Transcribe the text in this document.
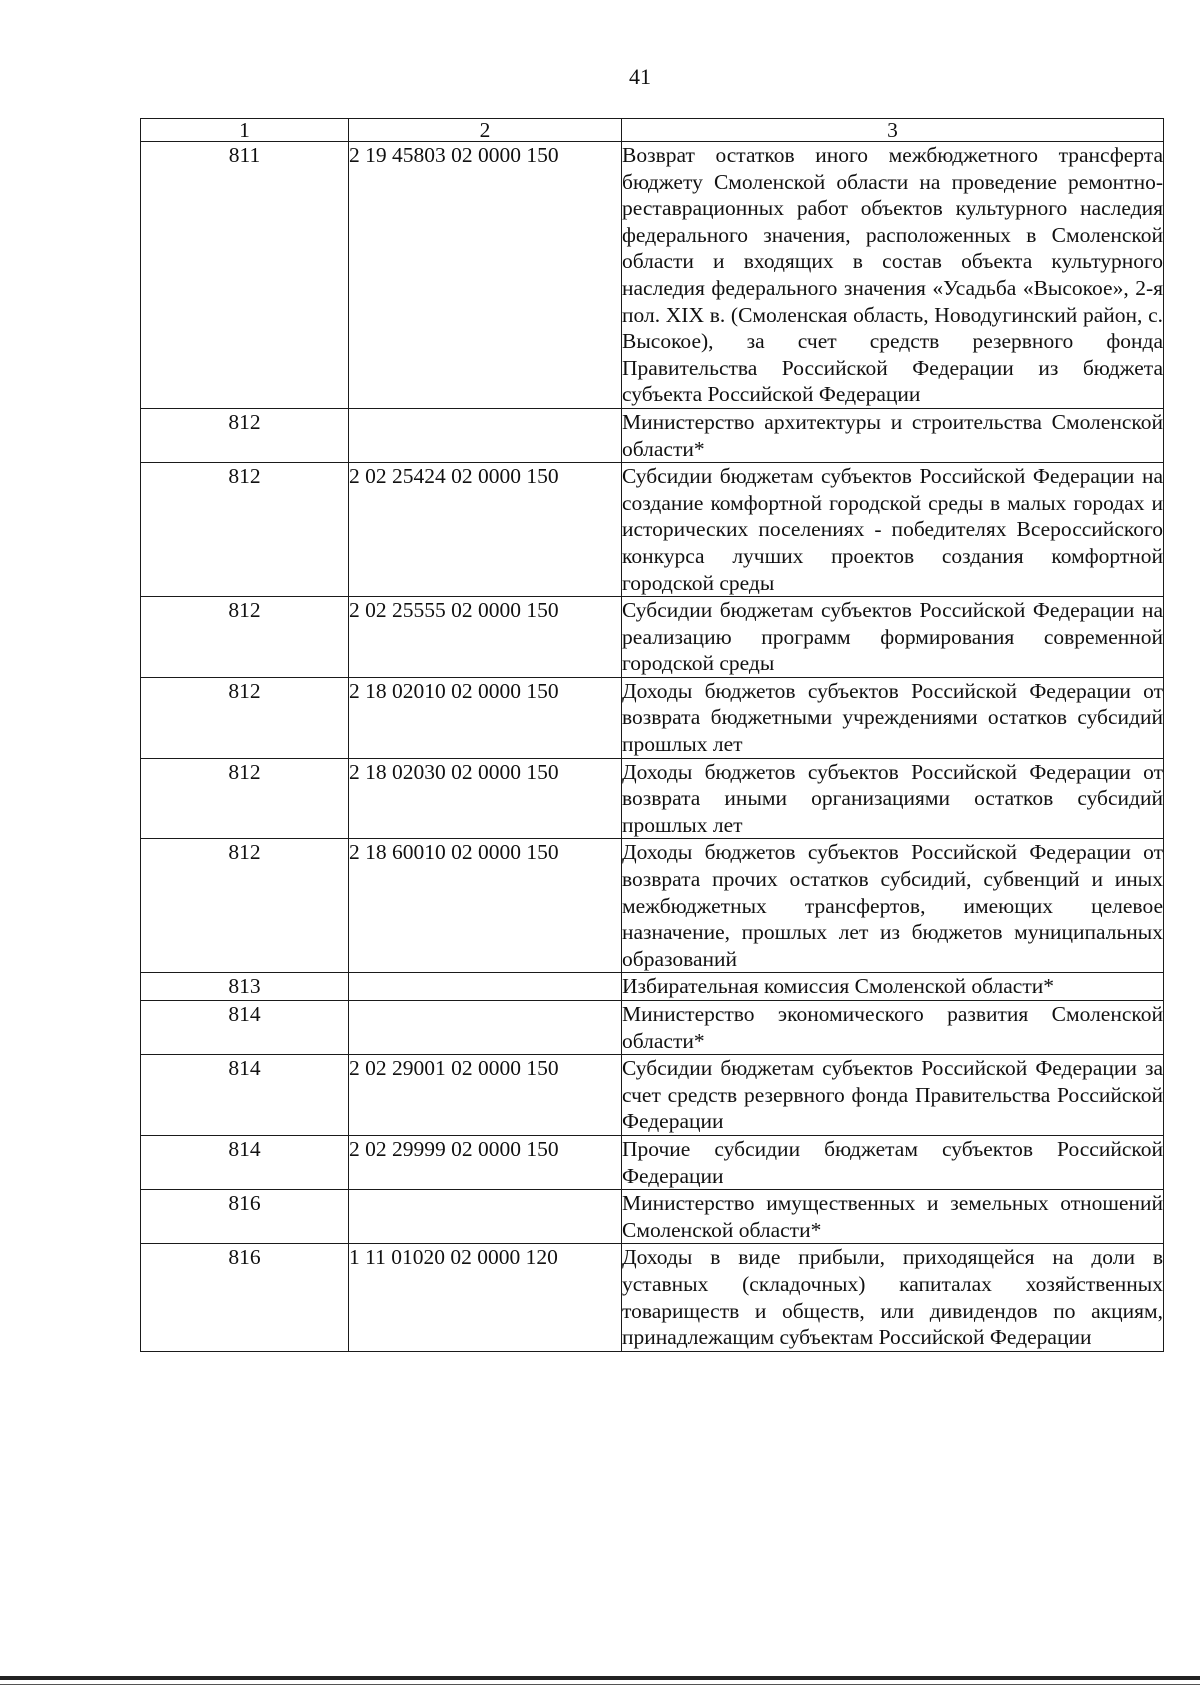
41
1	2	3
811	2 19 45803 02 0000 150	Возврат остатков иного межбюджетного трансферта бюджету Смоленской области на проведение ремонтно-реставрационных работ объектов культурного наследия федерального значения, расположенных в Смоленской области и входящих в состав объекта культурного наследия федерального значения «Усадьба «Высокое», 2-я пол. XIX в. (Смоленская область, Новодугинский район, с. Высокое), за счет средств резервного фонда Правительства Российской Федерации из бюджета субъекта Российской Федерации
812		Министерство архитектуры и строительства Смоленской области*
812	2 02 25424 02 0000 150	Субсидии бюджетам субъектов Российской Федерации на создание комфортной городской среды в малых городах и исторических поселениях - победителях Всероссийского конкурса лучших проектов создания комфортной городской среды
812	2 02 25555 02 0000 150	Субсидии бюджетам субъектов Российской Федерации на реализацию программ формирования современной городской среды
812	2 18 02010 02 0000 150	Доходы бюджетов субъектов Российской Федерации от возврата бюджетными учреждениями остатков субсидий прошлых лет
812	2 18 02030 02 0000 150	Доходы бюджетов субъектов Российской Федерации от возврата иными организациями остатков субсидий прошлых лет
812	2 18 60010 02 0000 150	Доходы бюджетов субъектов Российской Федерации от возврата прочих остатков субсидий, субвенций и иных межбюджетных трансфертов, имеющих целевое назначение, прошлых лет из бюджетов муниципальных образований
813		Избирательная комиссия Смоленской области*
814		Министерство экономического развития Смоленской области*
814	2 02 29001 02 0000 150	Субсидии бюджетам субъектов Российской Федерации за счет средств резервного фонда Правительства Российской Федерации
814	2 02 29999 02 0000 150	Прочие субсидии бюджетам субъектов Российской Федерации
816		Министерство имущественных и земельных отношений Смоленской области*
816	1 11 01020 02 0000 120	Доходы в виде прибыли, приходящейся на доли в уставных (складочных) капиталах хозяйственных товариществ и обществ, или дивидендов по акциям, принадлежащим субъектам Российской Федерации
